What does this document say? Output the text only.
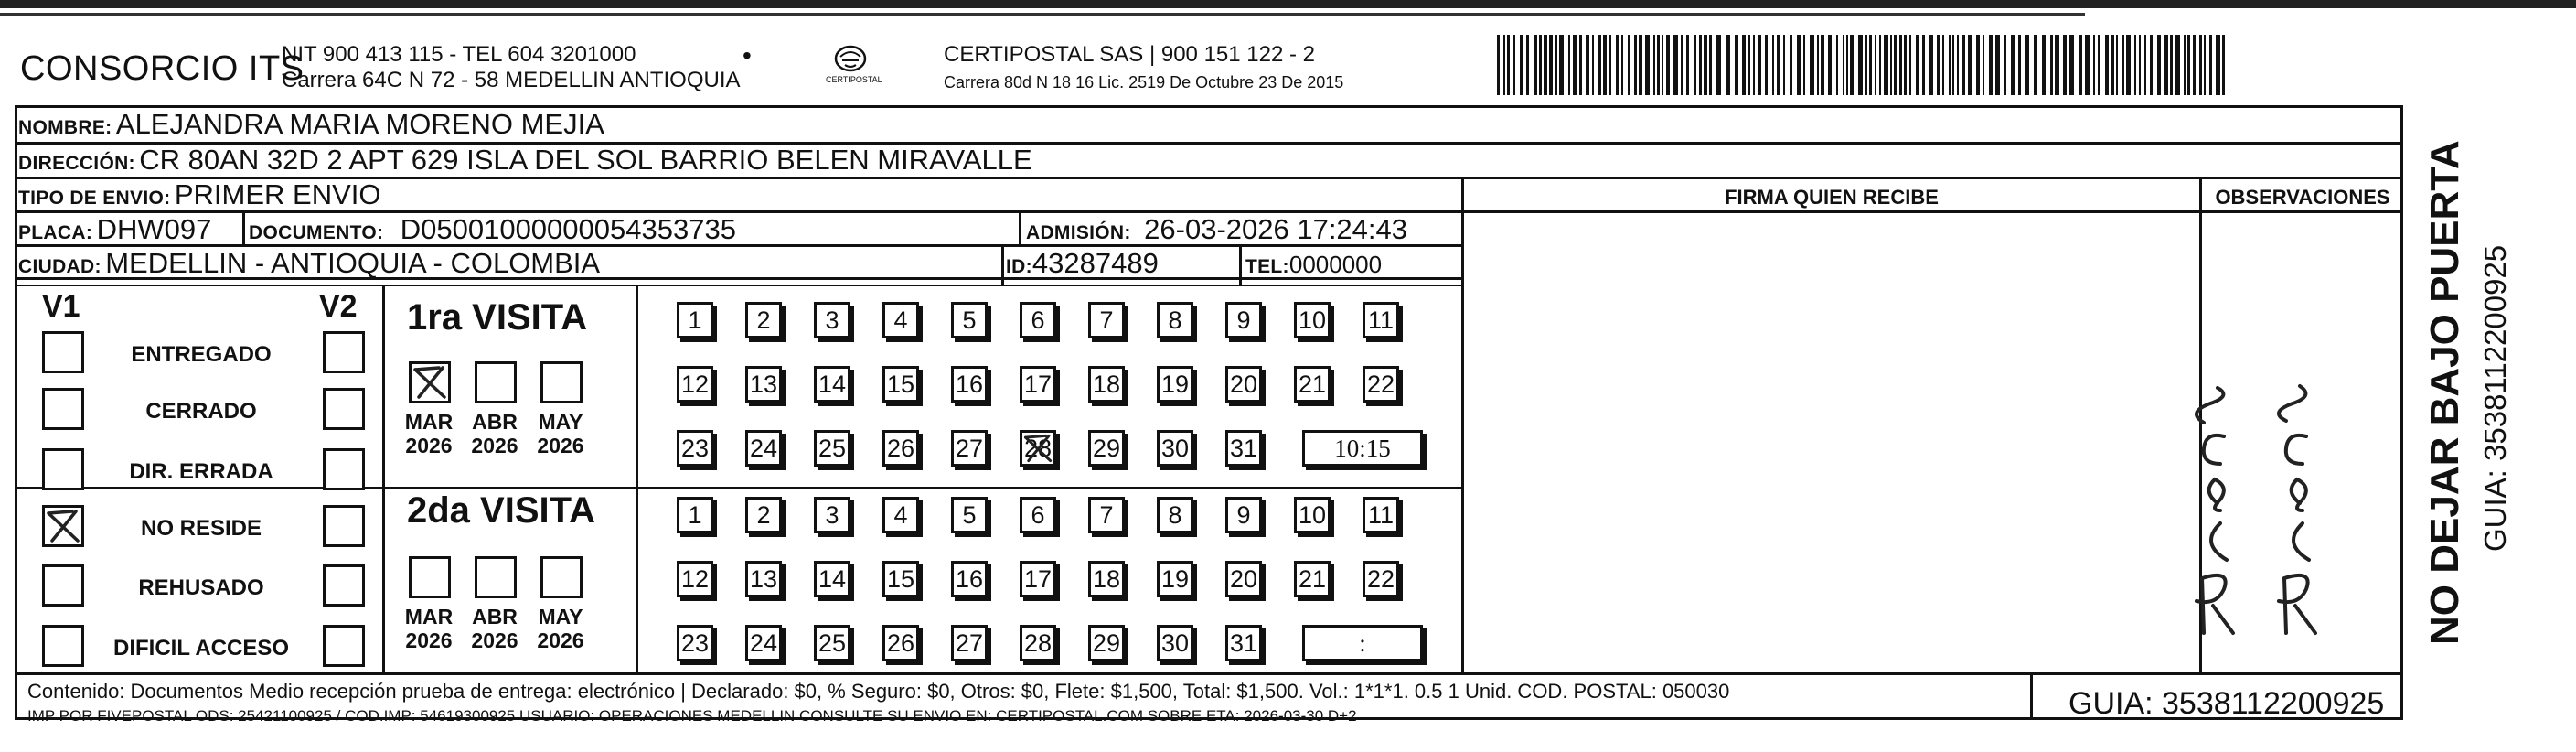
CONSORCIO ITS
NIT 900 413 115 - TEL 604 3201000
Carrera 64C N 72 - 58 MEDELLIN ANTIOQUIA
•
CERTIPOSTAL
CERTIPOSTAL SAS | 900 151 122 - 2
Carrera 80d N 18 16 Lic. 2519 De Octubre 23 De 2015
NOMBRE: ALEJANDRA MARIA MORENO MEJIA
DIRECCIÓN: CR 80AN 32D 2 APT 629 ISLA DEL SOL BARRIO BELEN MIRAVALLE
TIPO DE ENVIO: PRIMER ENVIO
PLACA: DHW097 DOCUMENTO: D05001000000054353735	ADMISIÓN: 26-03-2026 17:24:43
CIUDAD: MEDELLIN - ANTIOQUIA - COLOMBIA	ID:43287489	TEL:0000000
FIRMA QUIEN RECIBE	OBSERVACIONES
V1	V2
ENTREGADO
CERRADO
DIR. ERRADA
NO RESIDE
REHUSADO
DIFICIL ACCESO
1ra VISITA
2da VISITA
MAR
2026
ABR
2026
MAY
2026
1	2	3	4	5	6	7	8	9	10 11
12 13 14 15 16 17 18 19 20 21 22
23 24 25 26 27 28 29 30 31	10:15
MAR
2026
ABR
2026
MAY
2026
1	2	3	4	5	6	7	8	9	10 11
12 13 14 15 16 17 18 19 20 21 22
23 24 25 26 27 28 29 30 31	:	NO DEJAR BAJO PUERTA GUIA: 3538112200925
Contenido: Documentos Medio recepción prueba de entrega: electrónico | Declarado: $0, % Seguro: $0, Otros: $0, Flete: $1,500, Total: $1,500. Vol.: 1*1*1. 0.5 1 Unid. COD. POSTAL: 050030
IMP POR FIVEPOSTAL ODS: 25421100925 / COD.IMP: 54619300925 USUARIO: OPERACIONES MEDELLIN CONSULTE SU ENVIO EN: CERTIPOSTAL.COM SOBRE ETA: 2026-03-30 D+2	GUIA: 3538112200925
